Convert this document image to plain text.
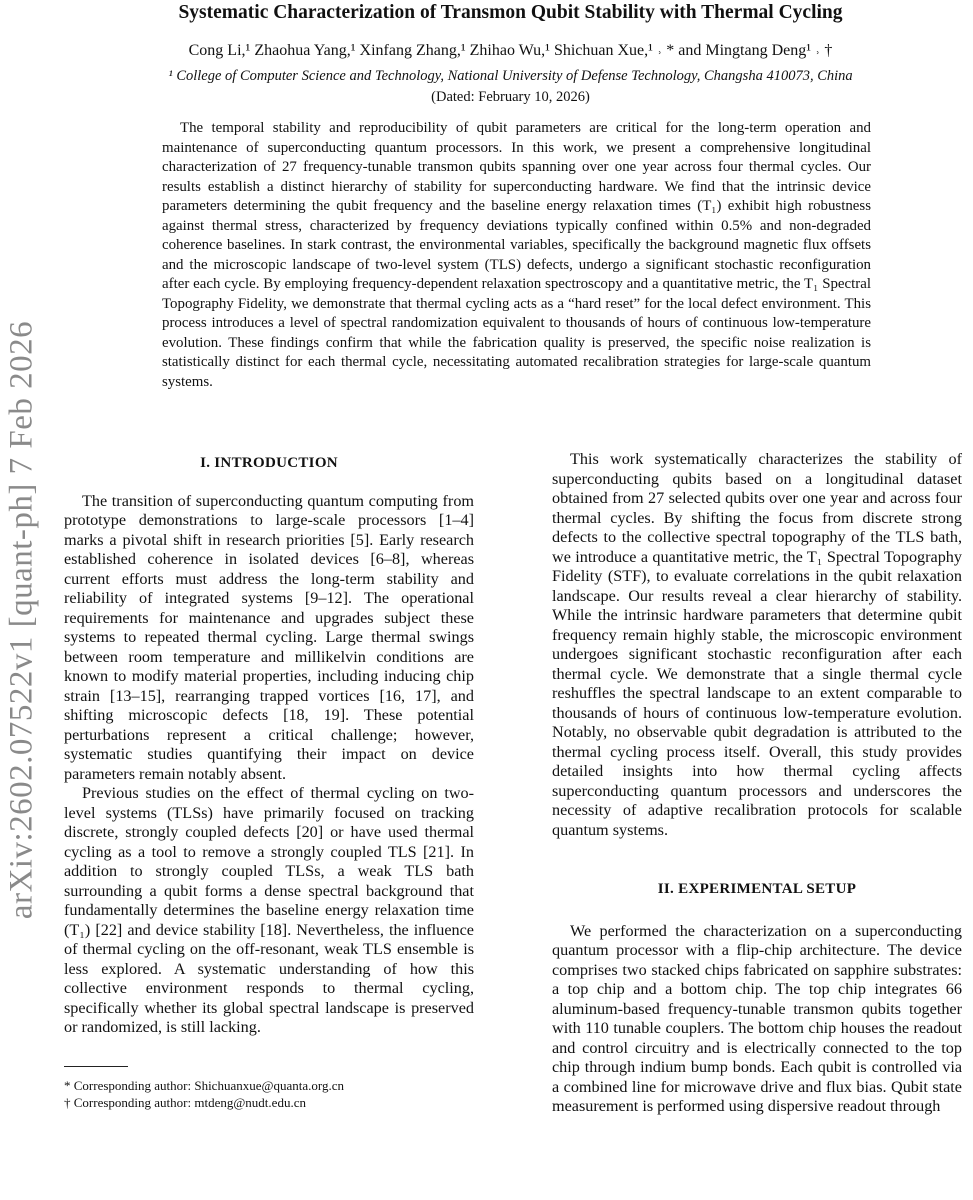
arXiv:2602.07522v1 [quant-ph] 7 Feb 2026
Systematic Characterization of Transmon Qubit Stability with Thermal Cycling
Cong Li,¹ Zhaohua Yang,¹ Xinfang Zhang,¹ Zhihao Wu,¹ Shichuan Xue,¹ ˒ * and Mingtang Deng¹ ˒ †
¹ College of Computer Science and Technology, National University of Defense Technology, Changsha 410073, China
(Dated: February 10, 2026)

The temporal stability and reproducibility of qubit parameters are critical for the long-term operation and maintenance of superconducting quantum processors. In this work, we present a comprehensive longitudinal characterization of 27 frequency-tunable transmon qubits spanning over one year across four thermal cycles. Our results establish a distinct hierarchy of stability for superconducting hardware. We find that the intrinsic device parameters determining the qubit frequency and the baseline energy relaxation times (T₁) exhibit high robustness against thermal stress, characterized by frequency deviations typically confined within 0.5% and non-degraded coherence baselines. In stark contrast, the environmental variables, specifically the background magnetic flux offsets and the microscopic landscape of two-level system (TLS) defects, undergo a significant stochastic reconfiguration after each cycle. By employing frequency-dependent relaxation spectroscopy and a quantitative metric, the T₁ Spectral Topography Fidelity, we demonstrate that thermal cycling acts as a “hard reset” for the local defect environment. This process introduces a level of spectral randomization equivalent to thousands of hours of continuous low-temperature evolution. These findings confirm that while the fabrication quality is preserved, the specific noise realization is statistically distinct for each thermal cycle, necessitating automated recalibration strategies for large-scale quantum systems.

I. INTRODUCTION

The transition of superconducting quantum computing from prototype demonstrations to large-scale processors [1–4] marks a pivotal shift in research priorities [5]. Early research established coherence in isolated devices [6–8], whereas current efforts must address the long-term stability and reliability of integrated systems [9–12]. The operational requirements for maintenance and upgrades subject these systems to repeated thermal cycling. Large thermal swings between room temperature and millikelvin conditions are known to modify material properties, including inducing chip strain [13–15], rearranging trapped vortices [16, 17], and shifting microscopic defects [18, 19]. These potential perturbations represent a critical challenge; however, systematic studies quantifying their impact on device parameters remain notably absent.

Previous studies on the effect of thermal cycling on two-level systems (TLSs) have primarily focused on tracking discrete, strongly coupled defects [20] or have used thermal cycling as a tool to remove a strongly coupled TLS [21]. In addition to strongly coupled TLSs, a weak TLS bath surrounding a qubit forms a dense spectral background that fundamentally determines the baseline energy relaxation time (T₁) [22] and device stability [18]. Nevertheless, the influence of thermal cycling on the off-resonant, weak TLS ensemble is less explored. A systematic understanding of how this collective environment responds to thermal cycling, specifically whether its global spectral landscape is preserved or randomized, is still lacking.

* Corresponding author: Shichuanxue@quanta.org.cn
† Corresponding author: mtdeng@nudt.edu.cn

This work systematically characterizes the stability of superconducting qubits based on a longitudinal dataset obtained from 27 selected qubits over one year and across four thermal cycles. By shifting the focus from discrete strong defects to the collective spectral topography of the TLS bath, we introduce a quantitative metric, the T₁ Spectral Topography Fidelity (STF), to evaluate correlations in the qubit relaxation landscape. Our results reveal a clear hierarchy of stability. While the intrinsic hardware parameters that determine qubit frequency remain highly stable, the microscopic environment undergoes significant stochastic reconfiguration after each thermal cycle. We demonstrate that a single thermal cycle reshuffles the spectral landscape to an extent comparable to thousands of hours of continuous low-temperature evolution. Notably, no observable qubit degradation is attributed to the thermal cycling process itself. Overall, this study provides detailed insights into how thermal cycling affects superconducting quantum processors and underscores the necessity of adaptive recalibration protocols for scalable quantum systems.

II. EXPERIMENTAL SETUP

We performed the characterization on a superconducting quantum processor with a flip-chip architecture. The device comprises two stacked chips fabricated on sapphire substrates: a top chip and a bottom chip. The top chip integrates 66 aluminum-based frequency-tunable transmon qubits together with 110 tunable couplers. The bottom chip houses the readout and control circuitry and is electrically connected to the top chip through indium bump bonds. Each qubit is controlled via a combined line for microwave drive and flux bias. Qubit state measurement is performed using dispersive readout through
